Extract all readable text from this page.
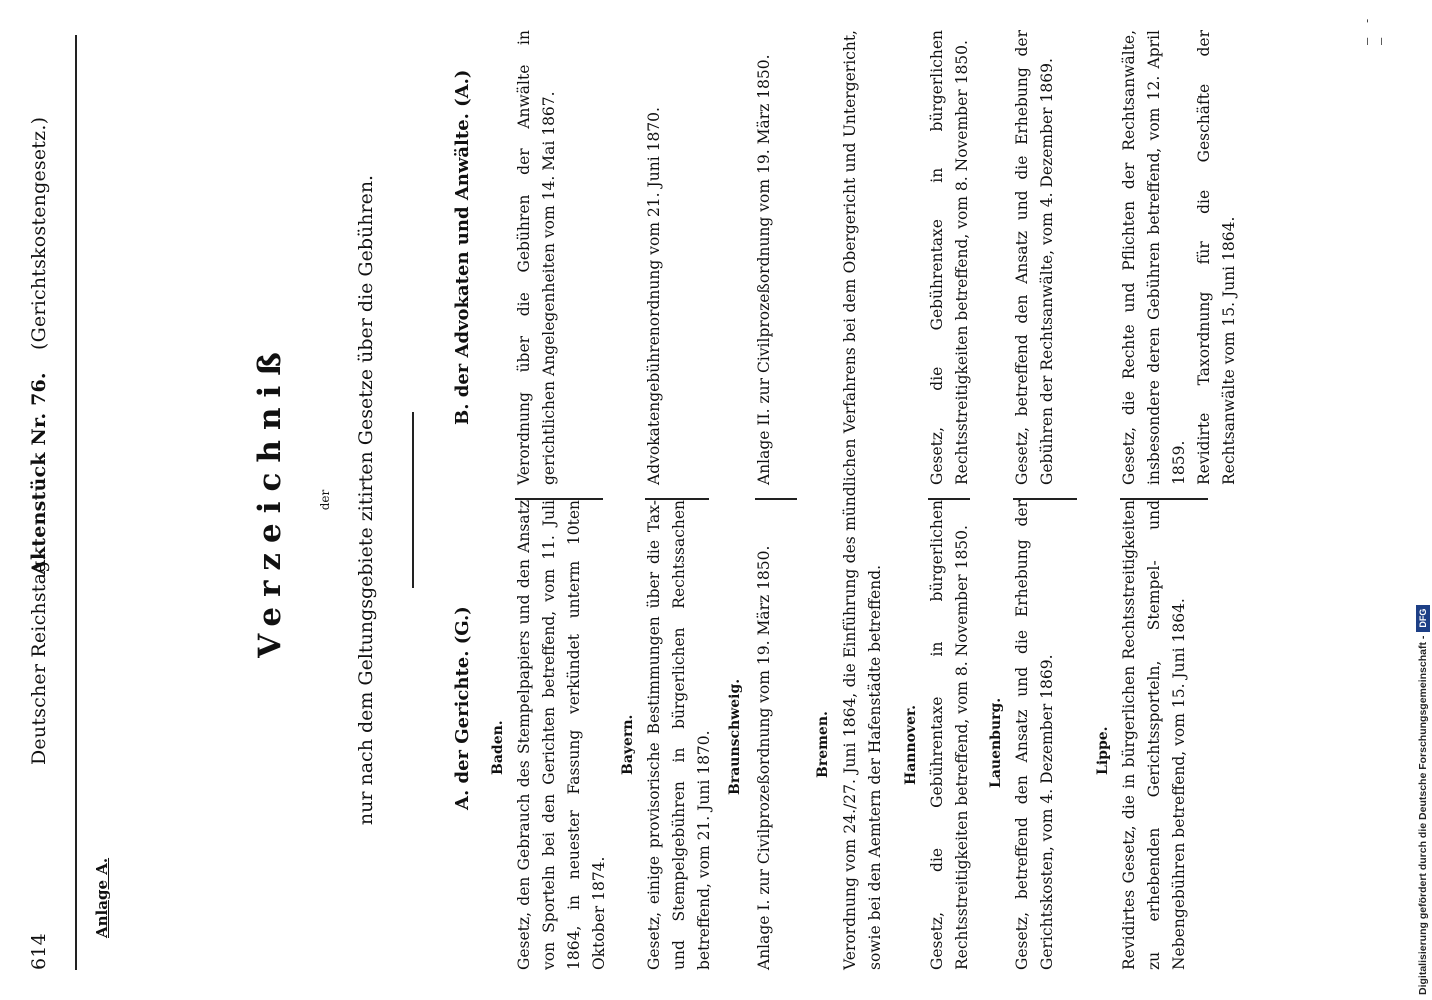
614
Deutscher Reichstag.
Aktenstück Nr. 76.
(Gerichtskostengesetz.)
Anlage A.
Verzeichniß	der nur nach dem Geltungsgebiete zitirten Gesetze über die Gebühren.	A. der Gerichte. (G.)
B. der Advokaten und Anwälte. (A.)
Baden. Gesetz, den Gebrauch des Stempelpapiers und den Ansatz von Sporteln bei den Gerichten betreffend, vom 11. Juli 1864, in neuester Fassung verkündet unterm 10ten Oktober 1874.
Verordnung über die Gebühren der Anwälte in gerichtlichen Angelegenheiten vom 14. Mai 1867.
Bayern. Gesetz, einige provisorische Bestimmungen über die Tax- und Stempelgebühren in bürgerlichen Rechtssachen betreffend, vom 21. Juni 1870.
Advokatengebührenordnung vom 21. Juni 1870.
Braunschweig. Anlage I. zur Civilprozeßordnung vom 19. März 1850.
Anlage II. zur Civilprozeßordnung vom 19. März 1850.
Bremen. Verordnung vom 24./27. Juni 1864, die Einführung des mündlichen Verfahrens bei dem Obergericht und Untergericht, sowie bei den Aemtern der Hafenstädte betreffend. Hannover. Gesetz, die Gebührentaxe in bürgerlichen Rechtsstreitigkeiten betreffend, vom 8. November 1850.
Gesetz, die Gebührentaxe in bürgerlichen Rechtsstreitigkeiten betreffend, vom 8. November 1850.
Lauenburg. Gesetz, betreffend den Ansatz und die Erhebung der Gerichtskosten, vom 4. Dezember 1869.
Gesetz, betreffend den Ansatz und die Erhebung der Gebühren der Rechtsanwälte, vom 4. Dezember 1869.
Lippe. Revidirtes Gesetz, die in bürgerlichen Rechtsstreitigkeiten zu erhebenden Gerichtssporteln, Stempel- und Nebengebühren betreffend, vom 15. Juni 1864.
Gesetz, die Rechte und Pflichten der Rechtsanwälte, insbesondere deren Gebühren betreffend, vom 12. April 1859. Revidirte Taxordnung für die Geschäfte der Rechtsanwälte vom 15. Juni 1864.
— - —
Digitalisierung gefördert durch die Deutsche Forschungsgemeinschaft -
DFG
